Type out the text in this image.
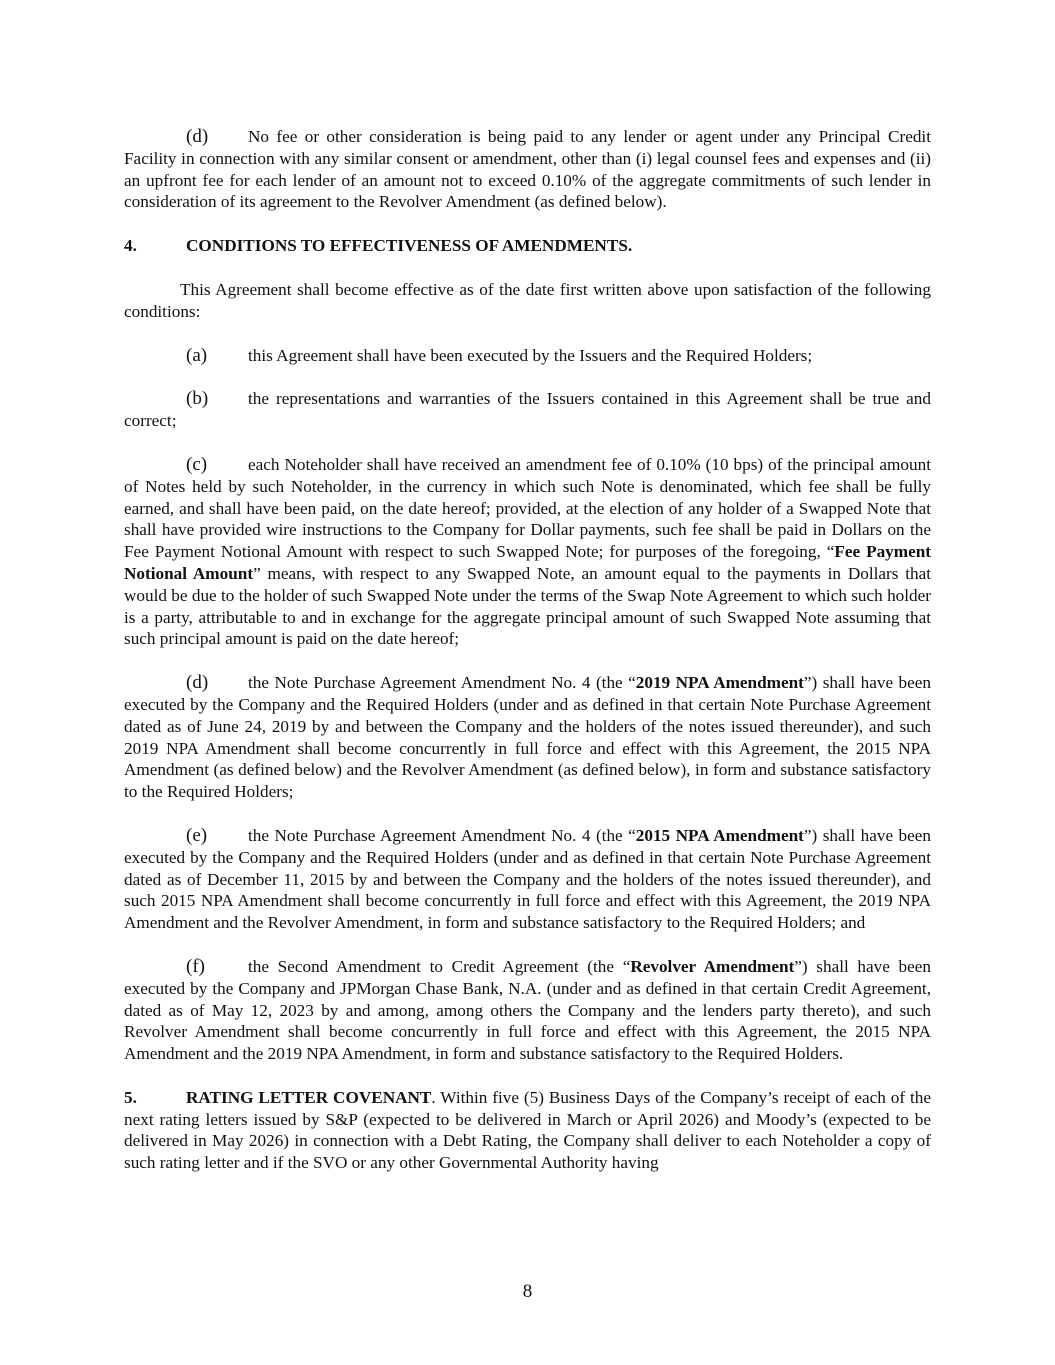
(d) No fee or other consideration is being paid to any lender or agent under any Principal Credit Facility in connection with any similar consent or amendment, other than (i) legal counsel fees and expenses and (ii) an upfront fee for each lender of an amount not to exceed 0.10% of the aggregate commitments of such lender in consideration of its agreement to the Revolver Amendment (as defined below).

4.	CONDITIONS TO EFFECTIVENESS OF AMENDMENTS.

This Agreement shall become effective as of the date first written above upon satisfaction of the following conditions:

(a) this Agreement shall have been executed by the Issuers and the Required Holders;

(b) the representations and warranties of the Issuers contained in this Agreement shall be true and correct;

(c) each Noteholder shall have received an amendment fee of 0.10% (10 bps) of the principal amount of Notes held by such Noteholder, in the currency in which such Note is denominated, which fee shall be fully earned, and shall have been paid, on the date hereof; provided, at the election of any holder of a Swapped Note that shall have provided wire instructions to the Company for Dollar payments, such fee shall be paid in Dollars on the Fee Payment Notional Amount with respect to such Swapped Note; for purposes of the foregoing, “Fee Payment Notional Amount” means, with respect to any Swapped Note, an amount equal to the payments in Dollars that would be due to the holder of such Swapped Note under the terms of the Swap Note Agreement to which such holder is a party, attributable to and in exchange for the aggregate principal amount of such Swapped Note assuming that such principal amount is paid on the date hereof;

(d) the Note Purchase Agreement Amendment No. 4 (the “2019 NPA Amendment”) shall have been executed by the Company and the Required Holders (under and as defined in that certain Note Purchase Agreement dated as of June 24, 2019 by and between the Company and the holders of the notes issued thereunder), and such 2019 NPA Amendment shall become concurrently in full force and effect with this Agreement, the 2015 NPA Amendment (as defined below) and the Revolver Amendment (as defined below), in form and substance satisfactory to the Required Holders;

(e) the Note Purchase Agreement Amendment No. 4 (the “2015 NPA Amendment”) shall have been executed by the Company and the Required Holders (under and as defined in that certain Note Purchase Agreement dated as of December 11, 2015 by and between the Company and the holders of the notes issued thereunder), and such 2015 NPA Amendment shall become concurrently in full force and effect with this Agreement, the 2019 NPA Amendment and the Revolver Amendment, in form and substance satisfactory to the Required Holders; and

(f)	the Second Amendment to Credit Agreement (the “Revolver Amendment”) shall have been executed by the Company and JPMorgan Chase Bank, N.A. (under and as defined in that certain Credit Agreement, dated as of May 12, 2023 by and among, among others the Company and the lenders party thereto), and such Revolver Amendment shall become concurrently in full force and effect with this Agreement, the 2015 NPA Amendment and the 2019 NPA Amendment, in form and substance satisfactory to the Required Holders.

5.	RATING LETTER COVENANT. Within five (5) Business Days of the Company’s receipt of each of the next rating letters issued by S&P (expected to be delivered in March or April 2026) and Moody’s (expected to be delivered in May 2026) in connection with a Debt Rating, the Company shall deliver to each Noteholder a copy of such rating letter and if the SVO or any other Governmental Authority having

8
